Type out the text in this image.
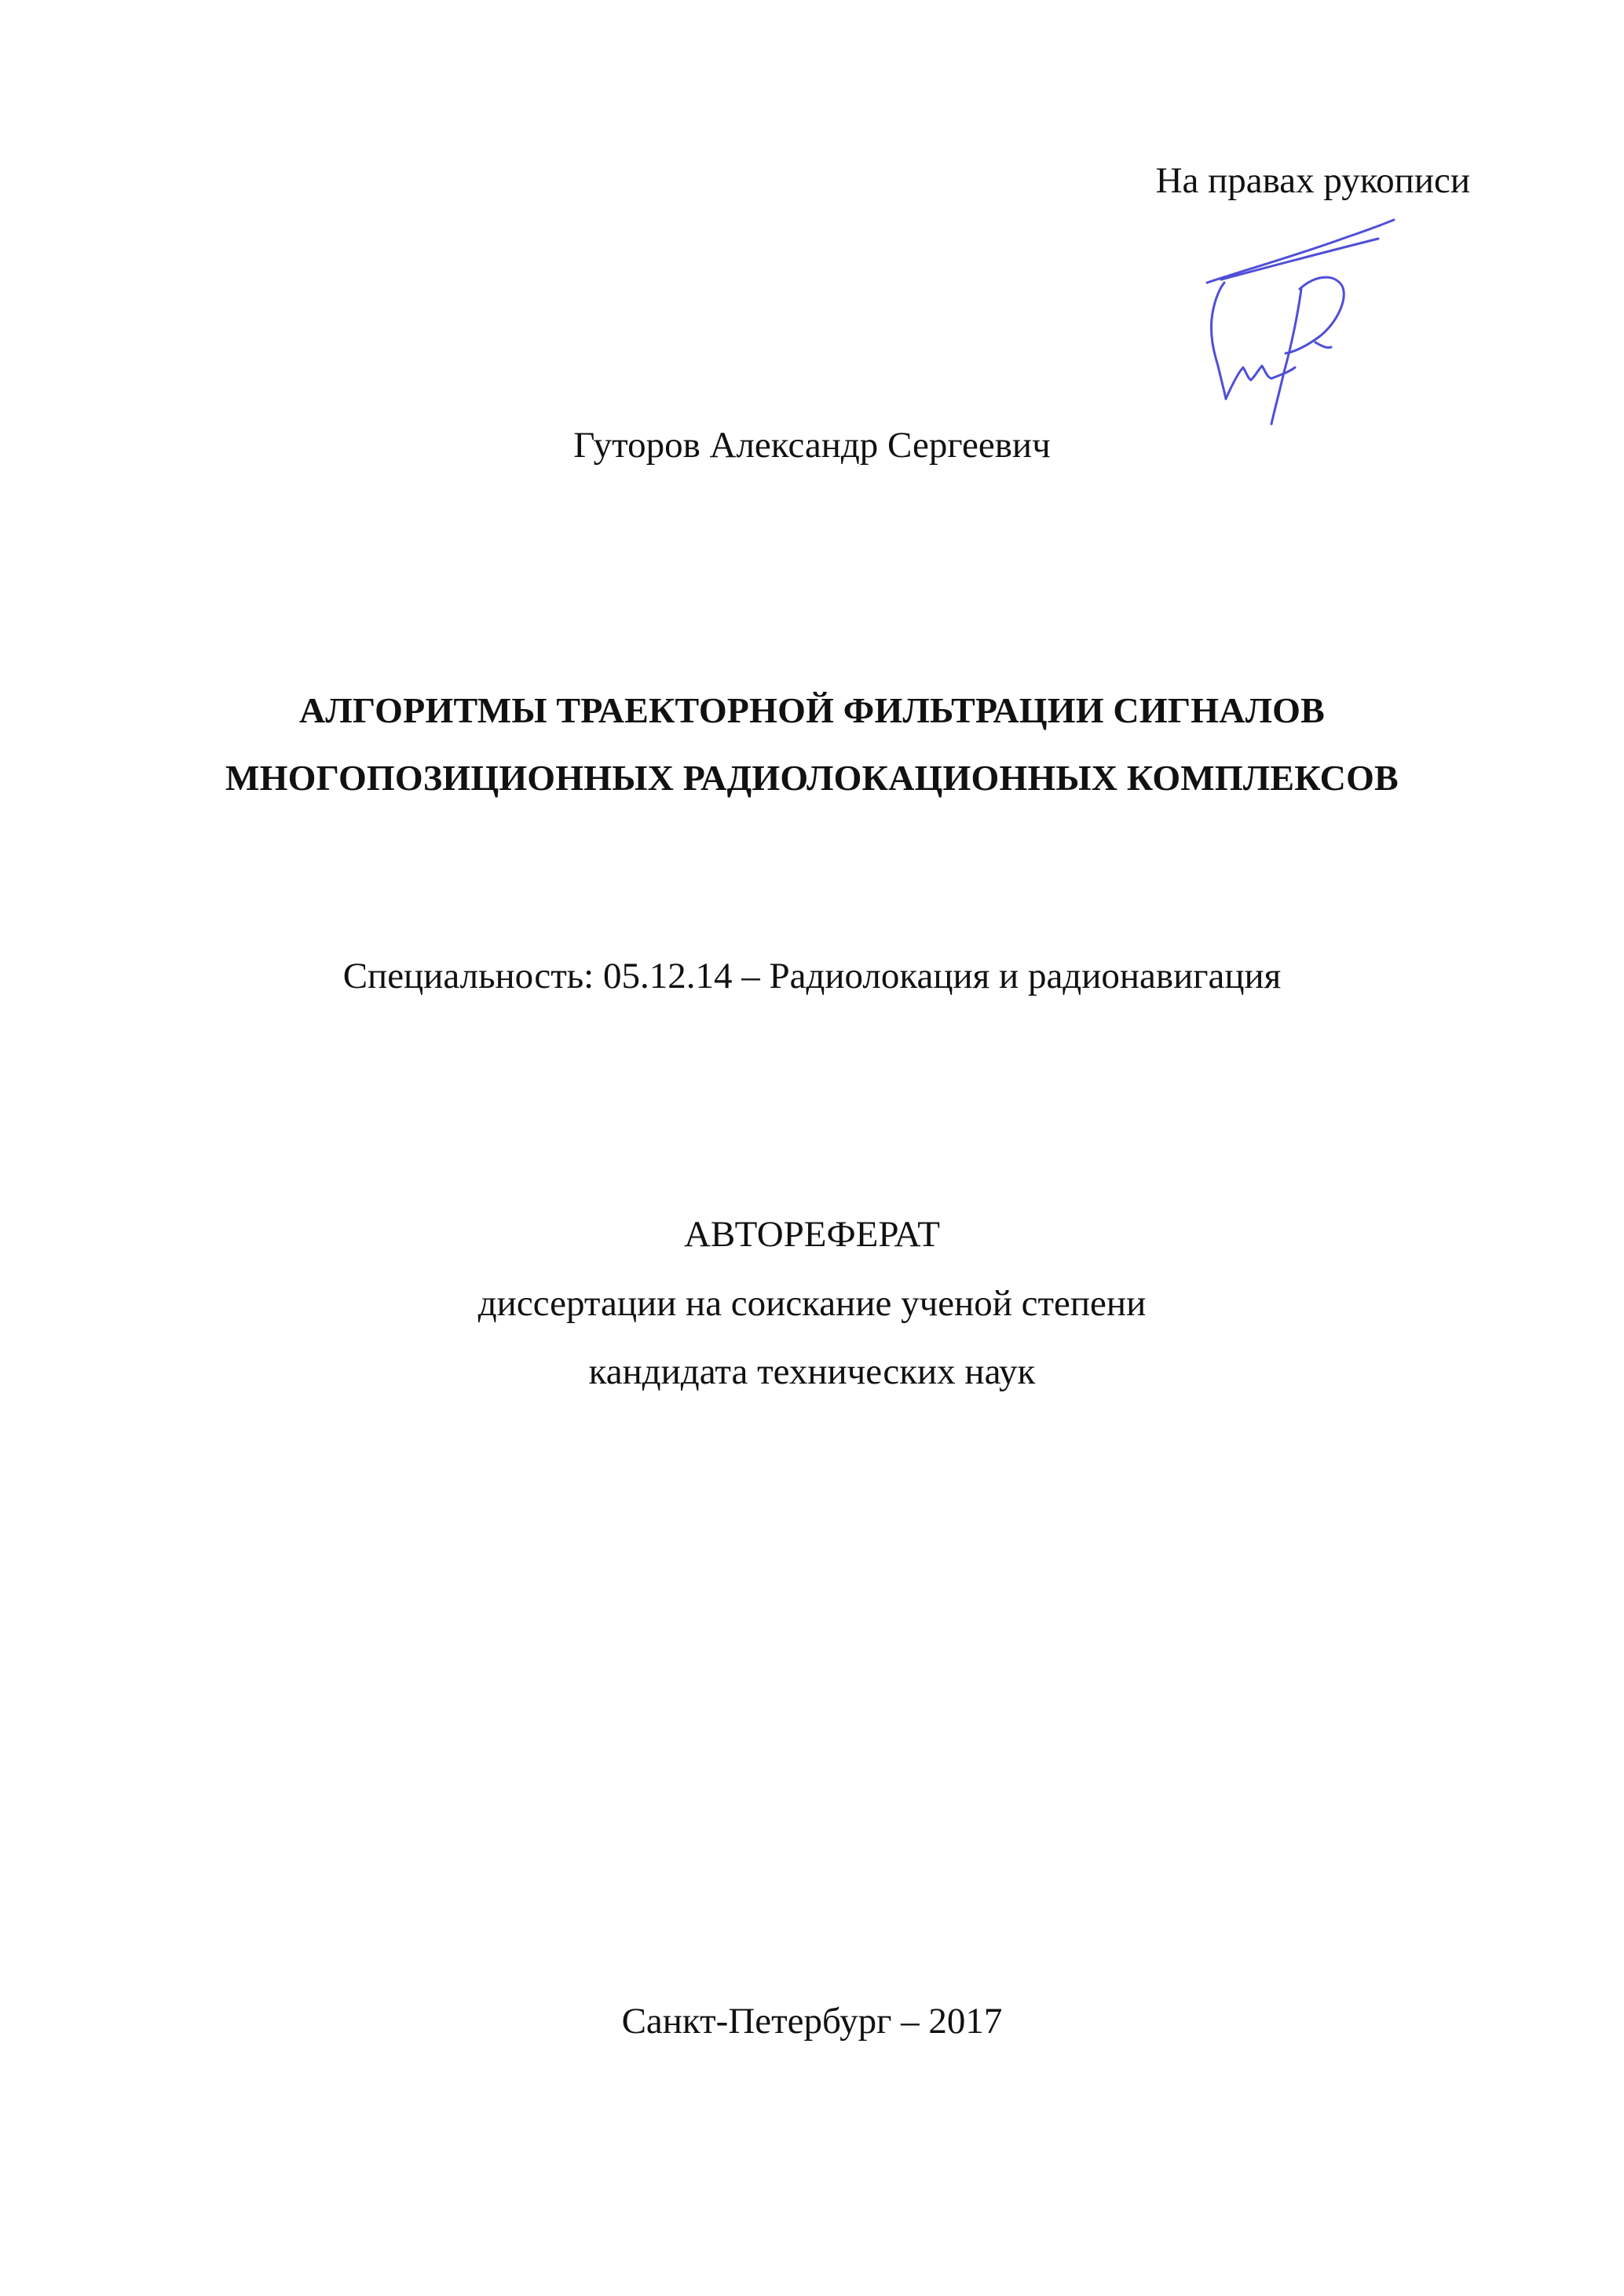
На правах рукописи
Гуторов Александр Сергеевич
АЛГОРИТМЫ ТРАЕКТОРНОЙ ФИЛЬТРАЦИИ СИГНАЛОВ
МНОГОПОЗИЦИОННЫХ РАДИОЛОКАЦИОННЫХ КОМПЛЕКСОВ
Специальность: 05.12.14 – Радиолокация и радионавигация
АВТОРЕФЕРАТ
диссертации на соискание ученой степени
кандидата технических наук
Санкт-Петербург – 2017
